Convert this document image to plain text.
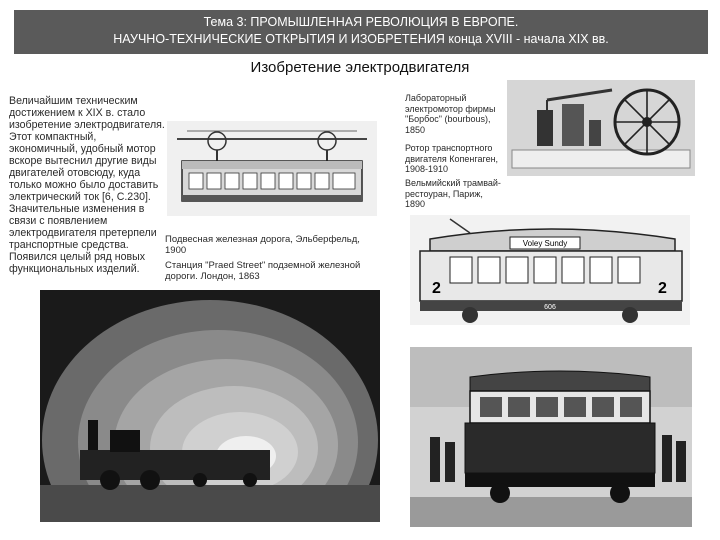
Тема 3: ПРОМЫШЛЕННАЯ РЕВОЛЮЦИЯ В ЕВРОПЕ.
НАУЧНО-ТЕХНИЧЕСКИЕ ОТКРЫТИЯ И ИЗОБРЕТЕНИЯ конца XVIII - начала XIX вв.
Изобретение электродвигателя
Величайшим техническим достижением к XIX в. стало изобретение электродвигателя. Этот компактный, экономичный, удобный мотор вскоре вытеснил другие виды двигателей отовсюду, куда только можно было доставить электрический ток [6, С.230]. Значительные изменения в связи с появлением электродвигателя претерпели транспортные средства. Появился целый ряд новых функциональных изделий.
Лабораторный электромотор фирмы "Борбос" (bourbous), 1850
Ротор транспортного двигателя Копенгаген, 1908-1910
Вельмийский трамвай-рестоуран, Париж, 1890
Voley Sundy
2	2
606
Подвесная железная дорога, Эльберфельд, 1900
Станция "Praed Street" подземной железной дороги. Лондон, 1863
